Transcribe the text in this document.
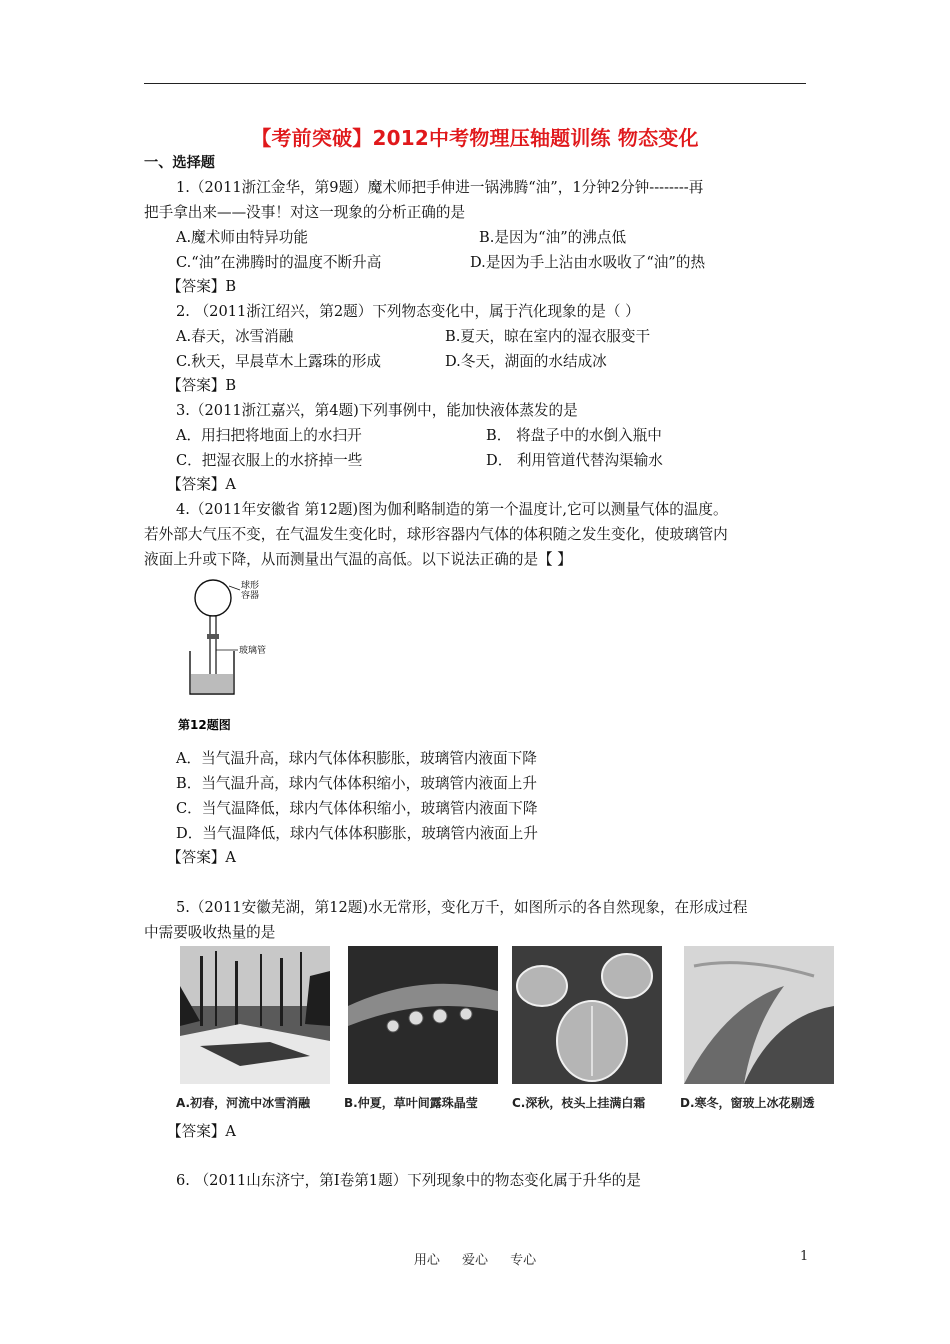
【考前突破】2012中考物理压轴题训练 物态变化
一、选择题
1.（2011浙江金华，第9题）魔术师把手伸进一锅沸腾“油”，1分钟2分钟--------再
把手拿出来——没事！对这一现象的分析正确的是
A.魔术师由特异功能	B.是因为“油”的沸点低
C.“油”在沸腾时的温度不断升高	D.是因为手上沾由水吸收了“油”的热
【答案】B
2. （2011浙江绍兴，第2题）下列物态变化中，属于汽化现象的是（ ）
A.春天，冰雪消融	B.夏天，晾在室内的湿衣服变干
C.秋天，早晨草木上露珠的形成	D.冬天，湖面的水结成冰
【答案】B
3.（2011浙江嘉兴，第4题)下列事例中，能加快液体蒸发的是
A．用扫把将地面上的水扫开	B． 将盘子中的水倒入瓶中
C．把湿衣服上的水挤掉一些	D． 利用管道代替沟渠输水
【答案】A
4.（2011年安徽省 第12题)图为伽利略制造的第一个温度计,它可以测量气体的温度。
若外部大气压不变，在气温发生变化时，球形容器内气体的体积随之发生变化，使玻璃管内
液面上升或下降，从而测量出气温的高低。以下说法正确的是【 】
球形
容器
玻璃管
第12题图
A．当气温升高，球内气体体积膨胀，玻璃管内液面下降
B．当气温升高，球内气体体积缩小，玻璃管内液面上升
C．当气温降低，球内气体体积缩小，玻璃管内液面下降
D．当气温降低，球内气体体积膨胀，玻璃管内液面上升
【答案】A
5.（2011安徽芜湖，第12题)水无常形，变化万千，如图所示的各自然现象，在形成过程
中需要吸收热量的是
A.初春，河流中冰雪消融	B.仲夏，草叶间露珠晶莹	C.深秋，枝头上挂满白霜	D.寒冬，窗玻上冰花剔透
【答案】A
6. （2011山东济宁，第Ⅰ卷第1题）下列现象中的物态变化属于升华的是
用心 爱心 专心	1
